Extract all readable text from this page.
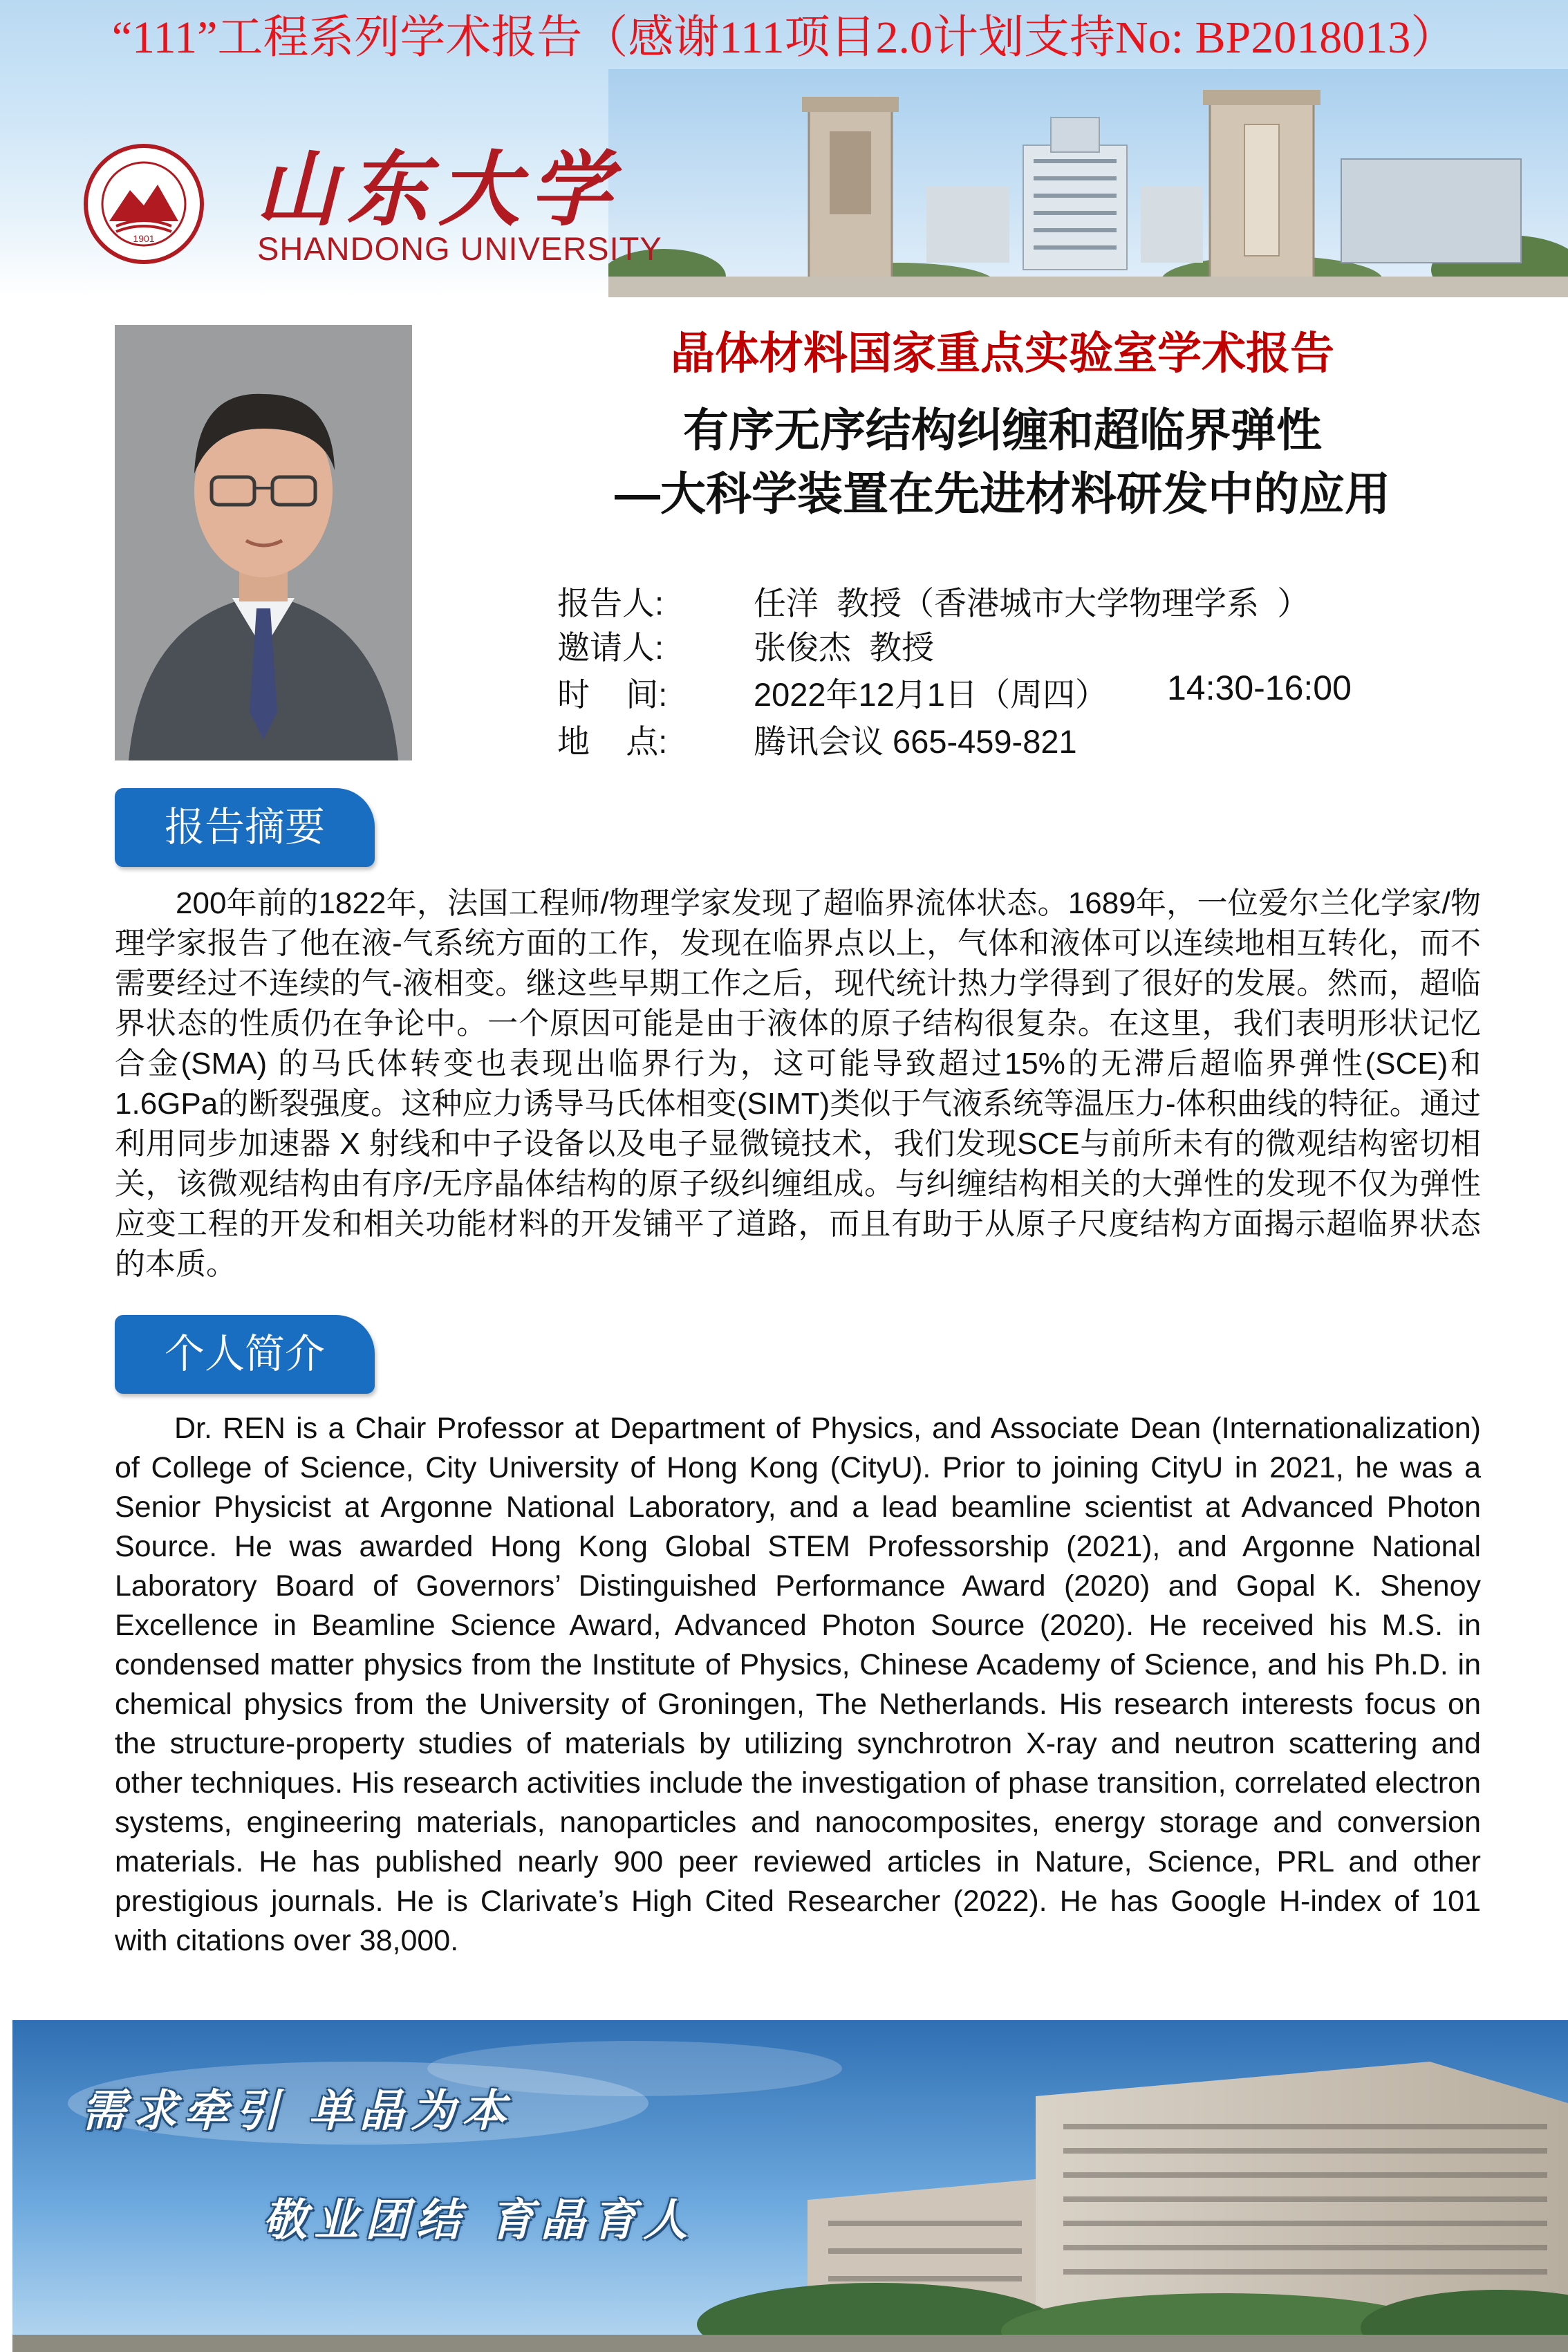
“111”工程系列学术报告（感谢111项目2.0计划支持No: BP2018013）
1901
山东大学
SHANDONG UNIVERSITY
晶体材料国家重点实验室学术报告
有序无序结构纠缠和超临界弹性
—大科学装置在先进材料研发中的应用
报告人:	任洋  教授（香港城市大学物理学系  ）
邀请人:	张俊杰  教授
时    间:	2022年12月1日（周四） 14:30-16:00
地    点:	腾讯会议 665-459-821
报告摘要
200年前的1822年，法国工程师/物理学家发现了超临界流体状态。1689年，一位爱尔兰化学家/物理学家报告了他在液-气系统方面的工作，发现在临界点以上，气体和液体可以连续地相互转化，而不需要经过不连续的气-液相变。继这些早期工作之后，现代统计热力学得到了很好的发展。然而，超临界状态的性质仍在争论中。一个原因可能是由于液体的原子结构很复杂。在这里，我们表明形状记忆合金(SMA) 的马氏体转变也表现出临界行为，这可能导致超过15%的无滞后超临界弹性(SCE)和1.6GPa的断裂强度。这种应力诱导马氏体相变(SIMT)类似于气液系统等温压力-体积曲线的特征。通过利用同步加速器 X 射线和中子设备以及电子显微镜技术，我们发现SCE与前所未有的微观结构密切相关，该微观结构由有序/无序晶体结构的原子级纠缠组成。与纠缠结构相关的大弹性的发现不仅为弹性应变工程的开发和相关功能材料的开发铺平了道路，而且有助于从原子尺度结构方面揭示超临界状态的本质。
个人简介
Dr. REN is a Chair Professor at Department of Physics, and Associate Dean (Internationalization) of College of Science, City University of Hong Kong (CityU). Prior to joining CityU in 2021, he was a Senior Physicist at Argonne National Laboratory, and a lead beamline scientist at Advanced Photon Source. He was awarded Hong Kong Global STEM Professorship (2021), and Argonne National Laboratory Board of Governors’ Distinguished Performance Award (2020) and Gopal K. Shenoy Excellence in Beamline Science Award, Advanced Photon Source (2020). He received his M.S. in condensed matter physics from the Institute of Physics, Chinese Academy of Science, and his Ph.D. in chemical physics from the University of Groningen, The Netherlands. His research interests focus on the structure-property studies of materials by utilizing synchrotron X-ray and neutron scattering and other techniques. His research activities include the investigation of phase transition, correlated electron systems, engineering materials, nanoparticles and nanocomposites, energy storage and conversion materials. He has published nearly 900 peer reviewed articles in Nature, Science, PRL and other prestigious journals. He is Clarivate’s High Cited Researcher (2022). He has Google H-index of 101 with citations over 38,000.
需求牵引 单晶为本
敬业团结 育晶育人
